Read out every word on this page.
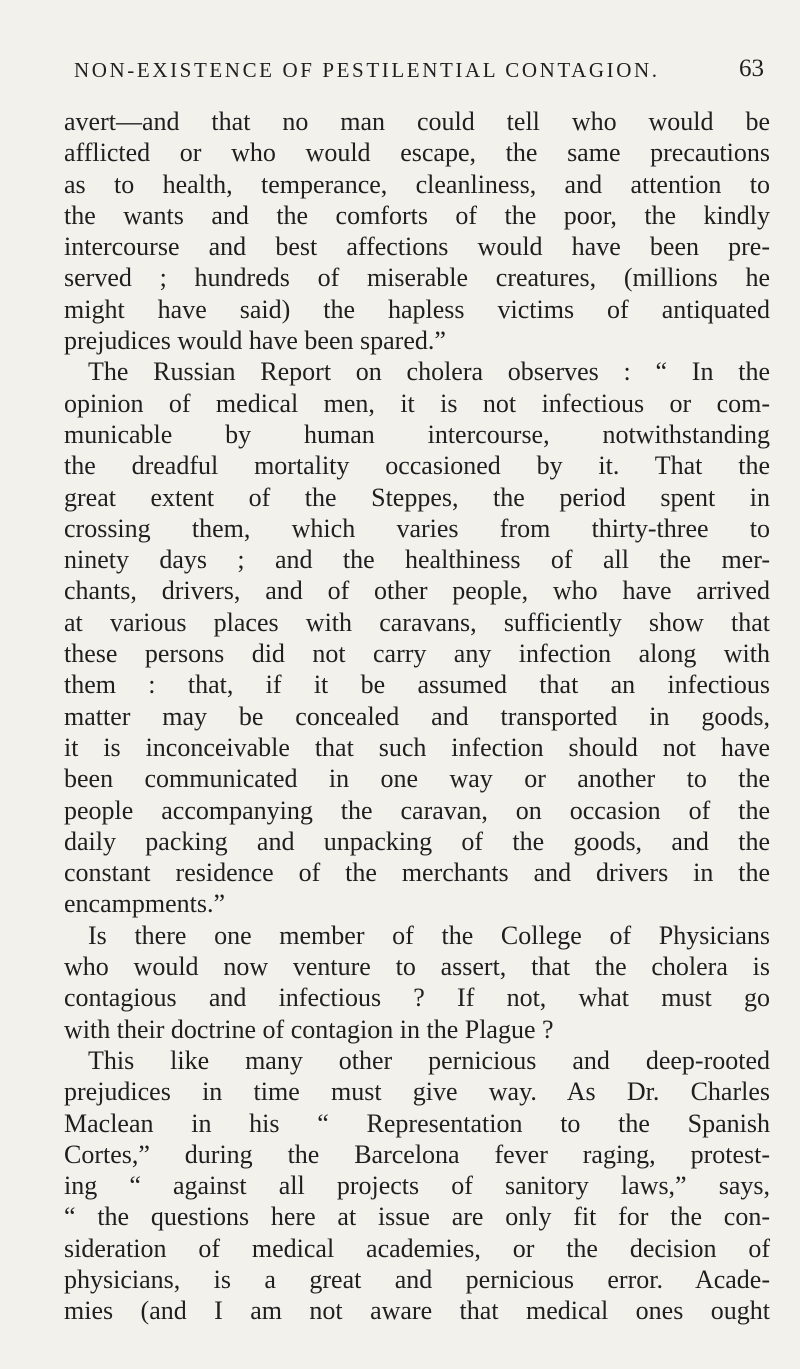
NON-EXISTENCE OF PESTILENTIAL CONTAGION.	63
avert—and that no man could tell who would be
afflicted or who would escape, the same precautions
as to health, temperance, cleanliness, and attention to
the wants and the comforts of the poor, the kindly
intercourse and best affections would have been pre-
served ; hundreds of miserable creatures, (millions he
might have said) the hapless victims of antiquated
prejudices would have been spared.”
The Russian Report on cholera observes : “ In the
opinion of medical men, it is not infectious or com-
municable by human intercourse, notwithstanding
the dreadful mortality occasioned by it. That the
great extent of the Steppes, the period spent in
crossing them, which varies from thirty-three to
ninety days ; and the healthiness of all the mer-
chants, drivers, and of other people, who have arrived
at various places with caravans, sufficiently show that
these persons did not carry any infection along with
them : that, if it be assumed that an infectious
matter may be concealed and transported in goods,
it is inconceivable that such infection should not have
been communicated in one way or another to the
people accompanying the caravan, on occasion of the
daily packing and unpacking of the goods, and the
constant residence of the merchants and drivers in the
encampments.”
Is there one member of the College of Physicians
who would now venture to assert, that the cholera is
contagious and infectious ? If not, what must go
with their doctrine of contagion in the Plague ?
This like many other pernicious and deep-rooted
prejudices in time must give way. As Dr. Charles
Maclean in his “ Representation to the Spanish
Cortes,” during the Barcelona fever raging, protest-
ing “ against all projects of sanitory laws,” says,
“ the questions here at issue are only fit for the con-
sideration of medical academies, or the decision of
physicians, is a great and pernicious error. Acade-
mies (and I am not aware that medical ones ought
